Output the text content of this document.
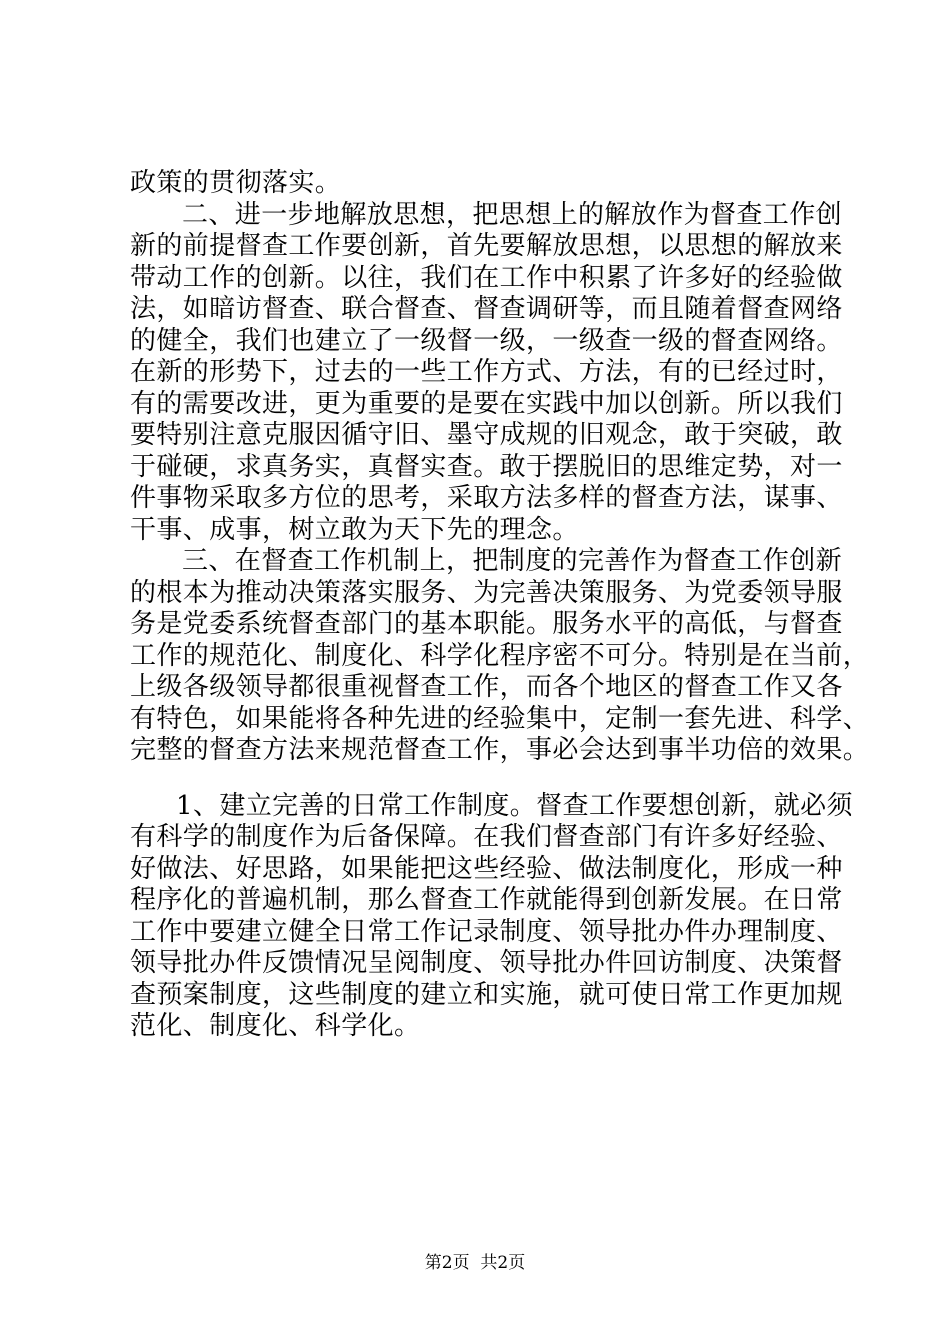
政策的贯彻落实。
二、进一步地解放思想，把思想上的解放作为督查工作创
新的前提督查工作要创新，首先要解放思想，以思想的解放来
带动工作的创新。以往，我们在工作中积累了许多好的经验做
法，如暗访督查、联合督查、督查调研等，而且随着督查网络
的健全，我们也建立了一级督一级，一级查一级的督查网络。
在新的形势下，过去的一些工作方式、方法，有的已经过时，
有的需要改进，更为重要的是要在实践中加以创新。所以我们
要特别注意克服因循守旧、墨守成规的旧观念，敢于突破，敢
于碰硬，求真务实，真督实查。敢于摆脱旧的思维定势，对一
件事物采取多方位的思考，采取方法多样的督查方法，谋事、
干事、成事，树立敢为天下先的理念。
三、在督查工作机制上，把制度的完善作为督查工作创新
的根本为推动决策落实服务、为完善决策服务、为党委领导服
务是党委系统督查部门的基本职能。服务水平的高低，与督查
工作的规范化、制度化、科学化程序密不可分。特别是在当前，
上级各级领导都很重视督查工作，而各个地区的督查工作又各
有特色，如果能将各种先进的经验集中，定制一套先进、科学、
完整的督查方法来规范督查工作，事必会达到事半功倍的效果。
1、建立完善的日常工作制度。督查工作要想创新，就必须
有科学的制度作为后备保障。在我们督查部门有许多好经验、
好做法、好思路，如果能把这些经验、做法制度化，形成一种
程序化的普遍机制，那么督查工作就能得到创新发展。在日常
工作中要建立健全日常工作记录制度、领导批办件办理制度、
领导批办件反馈情况呈阅制度、领导批办件回访制度、决策督
查预案制度，这些制度的建立和实施，就可使日常工作更加规
范化、制度化、科学化。
第2页  共2页
